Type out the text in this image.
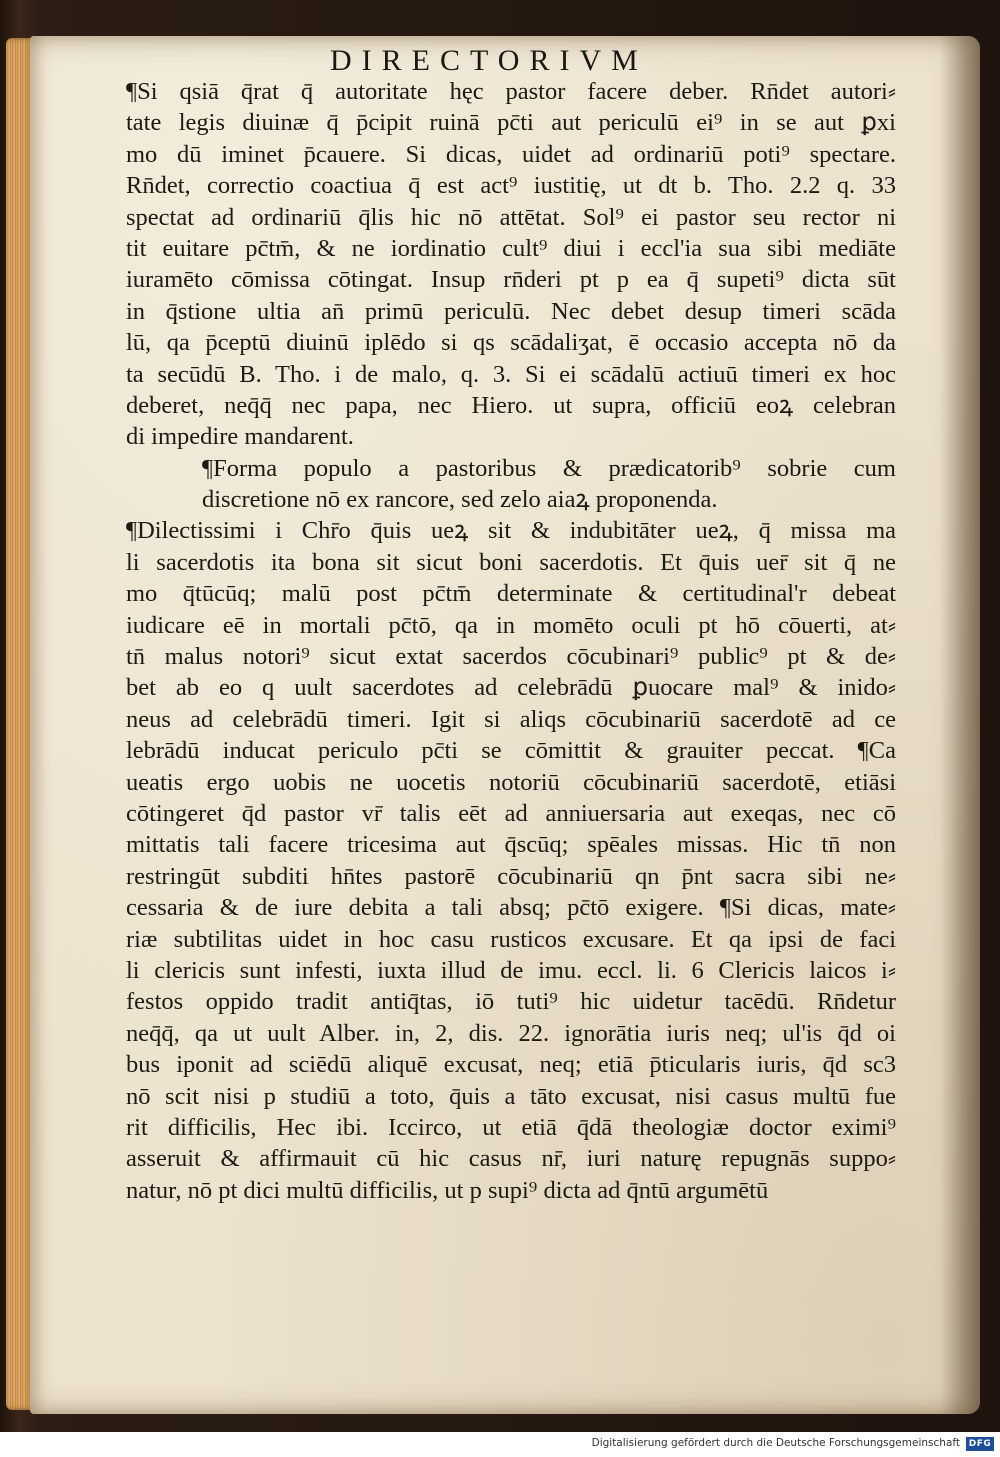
DIRECTORIVM
¶Si qsiā q̄rat q̄ autoritate hęc pastor facere deber. Rn̄det autori⸗
tate legis diuinæ q̄ p̄cipit ruinā pc̄ti aut periculū ei⁹ in se aut ꝑxi
mo dū iminet p̄cauere. Si dicas, uidet ad ordinariū poti⁹ spectare.
Rn̄det, correctio coactiua q̄ est act⁹ iustitię, ut dt b. Tho. 2.2 q. 33
spectat ad ordinariū q̄lis hic nō attētat. Sol⁹ ei pastor seu rector ni
tit euitare pc̄tm̄, & ne iordinatio cult⁹ diui i eccl'ia sua sibi mediāte
iuramēto cōmissa cōtingat. Insup rn̄deri pt p ea q̄ supeti⁹ dicta sūt
in q̄stione ultia an̄ primū periculū. Nec debet desup timeri scāda
lū, qa p̄ceptū diuinū iplēdo si qs scādaliʒat, ē occasio accepta nō da
ta secūdū B. Tho. i de malo, q. 3. Si ei scādalū actiuū timeri ex hoc
deberet, neq̄q̄ nec papa, nec Hiero. ut supra, officiū eoꝝ celebran
di impedire mandarent.
¶Forma populo a pastoribus & prædicatorib⁹ sobrie cum
discretione nō ex rancore, sed zelo aiaꝝ proponenda.
¶Dilectissimi i Chr̄o q̄uis ueꝝ sit & indubitāter ueꝝ, q̄ missa ma
li sacerdotis ita bona sit sicut boni sacerdotis. Et q̄uis uer̄ sit q̄ ne
mo q̄tūcūq; malū post pc̄tm̄ determinate & certitudinal'r debeat
iudicare eē in mortali pc̄tō, qa in momēto oculi pt hō cōuerti, at⸗
tn̄ malus notori⁹ sicut extat sacerdos cōcubinari⁹ public⁹ pt & de⸗
bet ab eo q uult sacerdotes ad celebrādū ꝑuocare mal⁹ & inido⸗
neus ad celebrādū timeri. Igit si aliqs cōcubinariū sacerdotē ad ce
lebrādū inducat periculo pc̄ti se cōmittit & grauiter peccat. ¶Ca
ueatis ergo uobis ne uocetis notoriū cōcubinariū sacerdotē, etiāsi
cōtingeret q̄d pastor vr̄ talis eēt ad anniuersaria aut exeqas, nec cō
mittatis tali facere tricesima aut q̄scūq; spēales missas. Hic tn̄ non
restringūt subditi hn̄tes pastorē cōcubinariū qn p̄nt sacra sibi ne⸗
cessaria & de iure debita a tali absq; pc̄tō exigere. ¶Si dicas, mate⸗
riæ subtilitas uidet in hoc casu rusticos excusare. Et qa ipsi de faci
li clericis sunt infesti, iuxta illud de imu. eccl. li. 6 Clericis laicos i⸗
festos oppido tradit antiq̄tas, iō tuti⁹ hic uidetur tacēdū. Rn̄detur
neq̄q̄, qa ut uult Alber. in, 2, dis. 22. ignorātia iuris neq; ul'is q̄d oi
bus iponit ad sciēdū aliquē excusat, neq; etiā p̄ticularis iuris, q̄d sc3
nō scit nisi p studiū a toto, q̄uis a tāto excusat, nisi casus multū fue
rit difficilis, Hec ibi. Iccirco, ut etiā q̄dā theologiæ doctor eximi⁹
asseruit & affirmauit cū hic casus nr̄, iuri naturę repugnās suppo⸗
natur, nō pt dici multū difficilis, ut p supi⁹ dicta ad q̄ntū argumētū
Digitalisierung gefördert durch die Deutsche Forschungsgemeinschaft DFG
